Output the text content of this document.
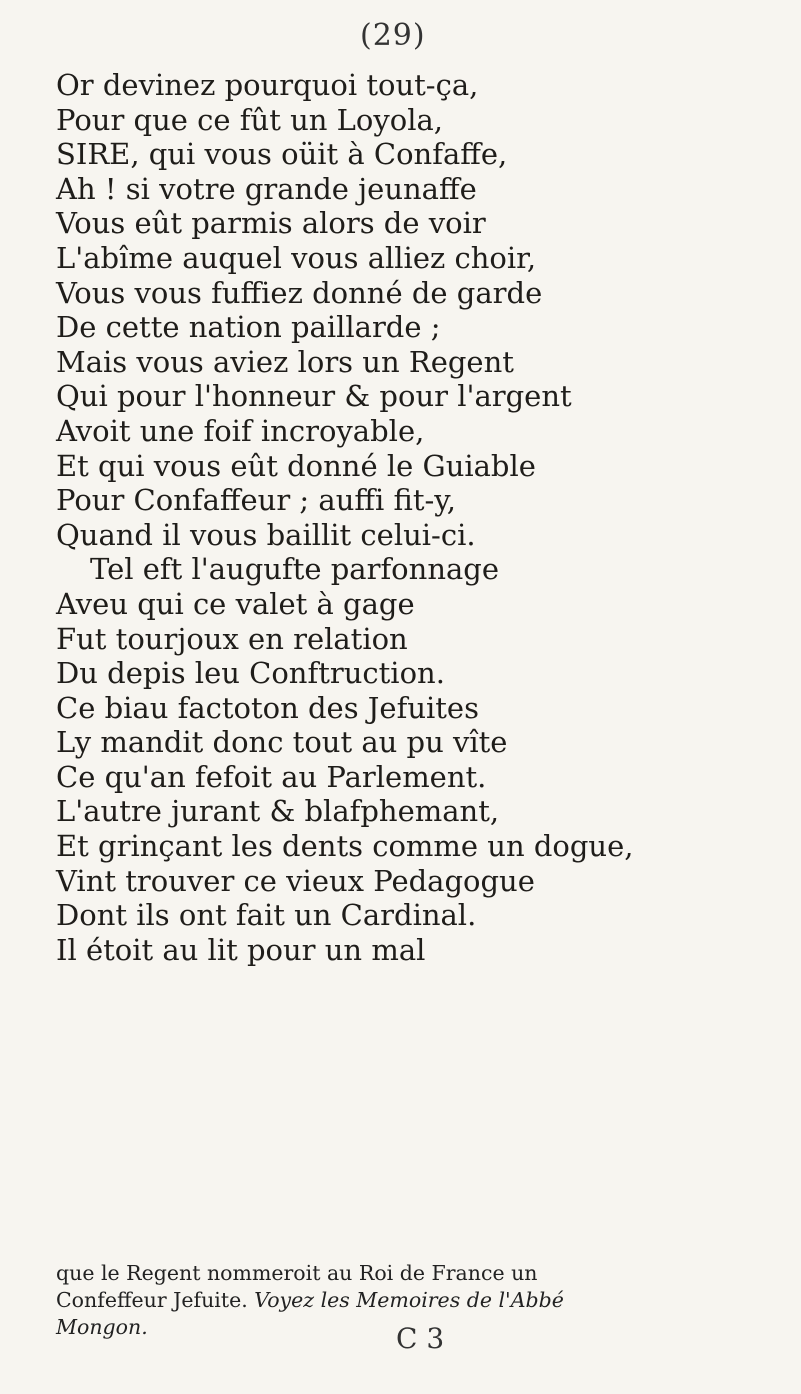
(29)
Or devinez pourquoi tout-ça,
Pour que ce fût un Loyola,
SIRE, qui vous oüit à Confaffe,
Ah ! si votre grande jeunaffe
Vous eût parmis alors de voir
L'abîme auquel vous alliez choir,
Vous vous fuffiez donné de garde
De cette nation paillarde ;
Mais vous aviez lors un Regent
Qui pour l'honneur & pour l'argent
Avoit une foif incroyable,
Et qui vous eût donné le Guiable
Pour Confaffeur ; auffi fit-y,
Quand il vous baillit celui-ci.
Tel eft l'augufte parfonnage
Aveu qui ce valet à gage
Fut tourjoux en relation
Du depis leu Conftruction.
Ce biau factoton des Jefuites
Ly mandit donc tout au pu vîte
Ce qu'an fefoit au Parlement.
L'autre jurant & blafphemant,
Et grinçant les dents comme un dogue,
Vint trouver ce vieux Pedagogue
Dont ils ont fait un Cardinal.
Il étoit au lit pour un mal
que le Regent nommeroit au Roi de France un
Confeffeur Jefuite. Voyez les Memoires de l'Abbé
Mongon.	C 3
